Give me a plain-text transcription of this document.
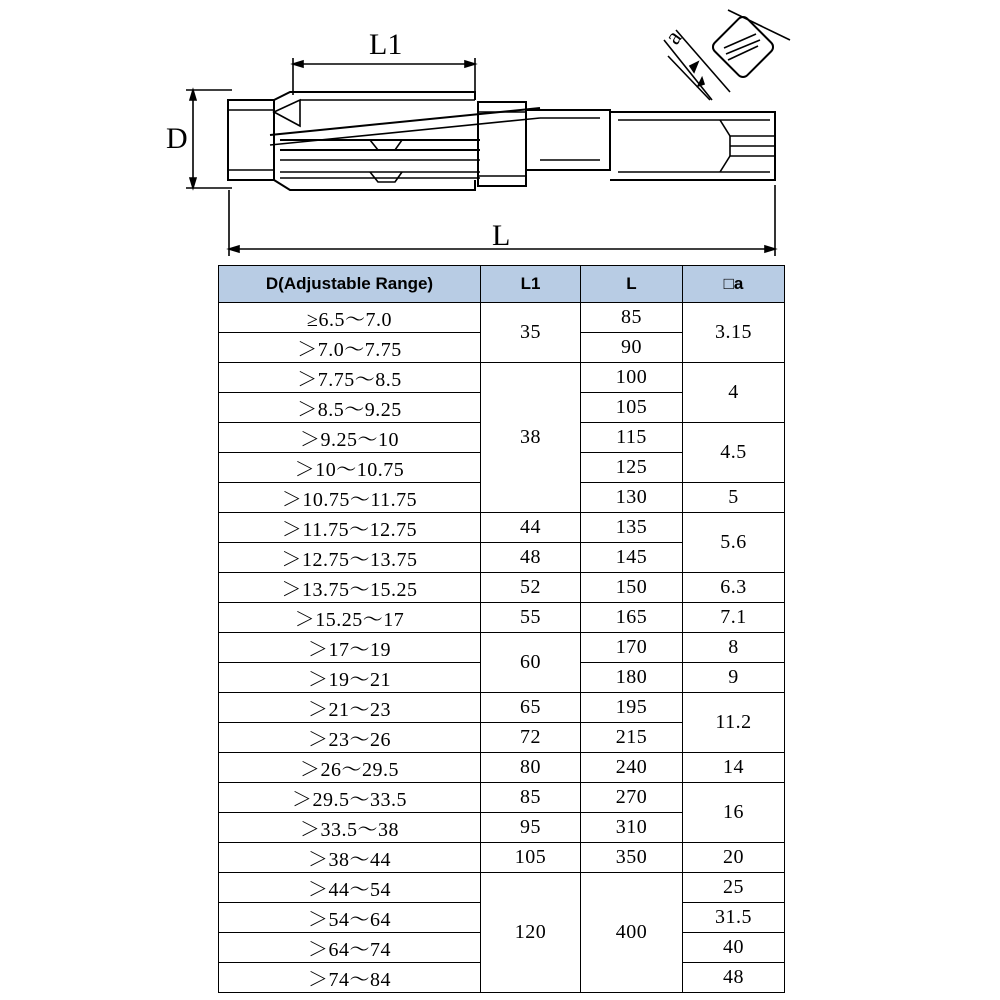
L1
D
L
a
D(Adjustable Range)	L1	L	□a
≥6.5～7.0	35	85	3.15
＞7.0～7.75		90	
＞7.75～8.5	38	100	4
＞8.5～9.25		105	
＞9.25～10		115	4.5
＞10～10.75		125	
＞10.75～11.75		130	5
＞11.75～12.75	44	135	5.6
＞12.75～13.75	48	145	
＞13.75～15.25	52	150	6.3
＞15.25～17	55	165	7.1
＞17～19	60	170	8
＞19～21		180	9
＞21～23	65	195	11.2
＞23～26	72	215	
＞26～29.5	80	240	14
＞29.5～33.5	85	270	16
＞33.5～38	95	310	
＞38～44	105	350	20
＞44～54	120	400	25
＞54～64			31.5
＞64～74			40
＞74～84			48
